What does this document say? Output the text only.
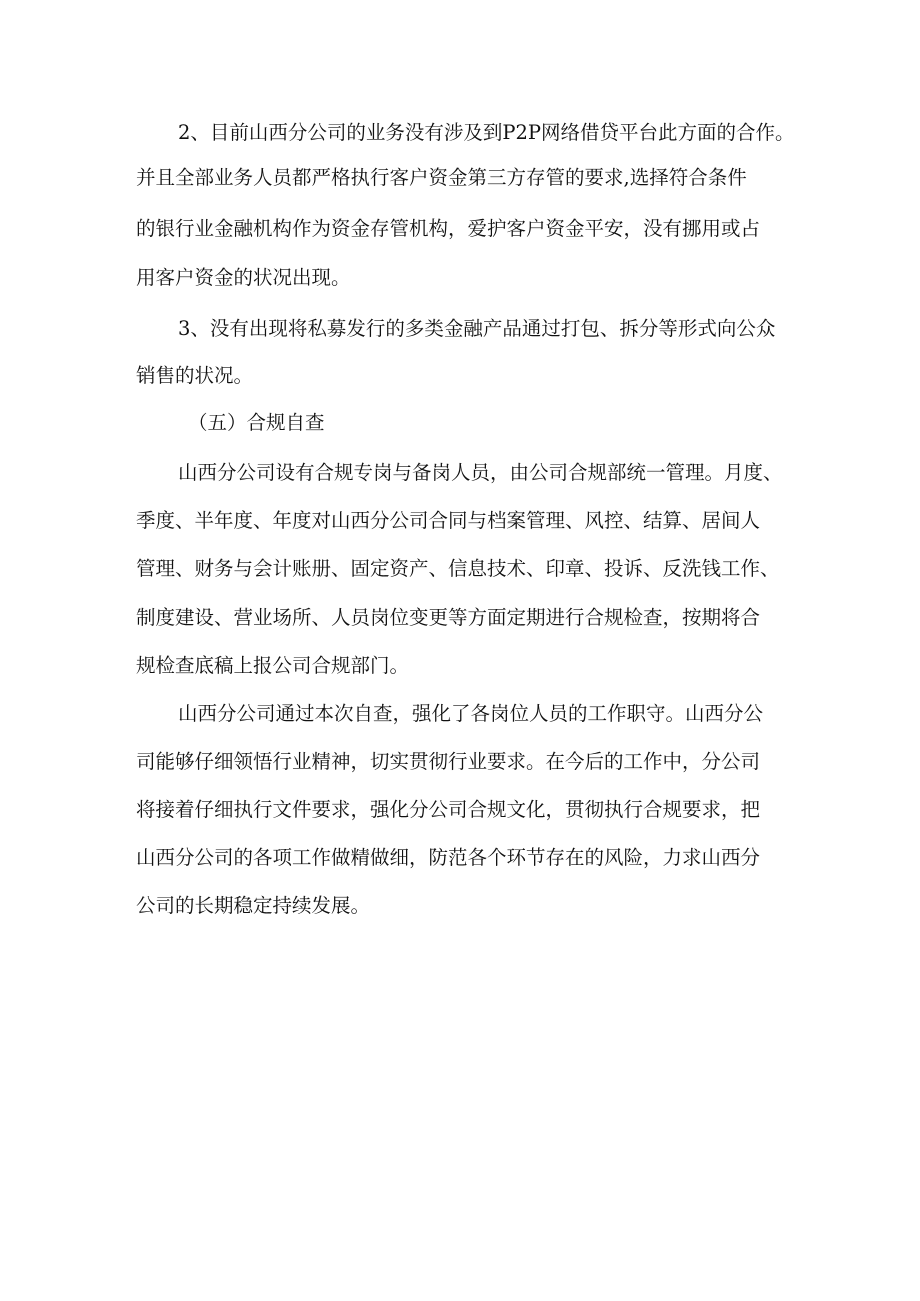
2、目前山西分公司的业务没有涉及到P2P网络借贷平台此方面的合作。
并且全部业务人员都严格执行客户资金第三方存管的要求,选择符合条件
的银行业金融机构作为资金存管机构，爱护客户资金平安，没有挪用或占
用客户资金的状况出现。
3、没有出现将私募发行的多类金融产品通过打包、拆分等形式向公众
销售的状况。
（五）合规自查
山西分公司设有合规专岗与备岗人员，由公司合规部统一管理。月度、
季度、半年度、年度对山西分公司合同与档案管理、风控、结算、居间人
管理、财务与会计账册、固定资产、信息技术、印章、投诉、反洗钱工作、
制度建设、营业场所、人员岗位变更等方面定期进行合规检查，按期将合
规检查底稿上报公司合规部门。
山西分公司通过本次自查，强化了各岗位人员的工作职守。山西分公
司能够仔细领悟行业精神，切实贯彻行业要求。在今后的工作中，分公司
将接着仔细执行文件要求，强化分公司合规文化，贯彻执行合规要求，把
山西分公司的各项工作做精做细，防范各个环节存在的风险，力求山西分
公司的长期稳定持续发展。
